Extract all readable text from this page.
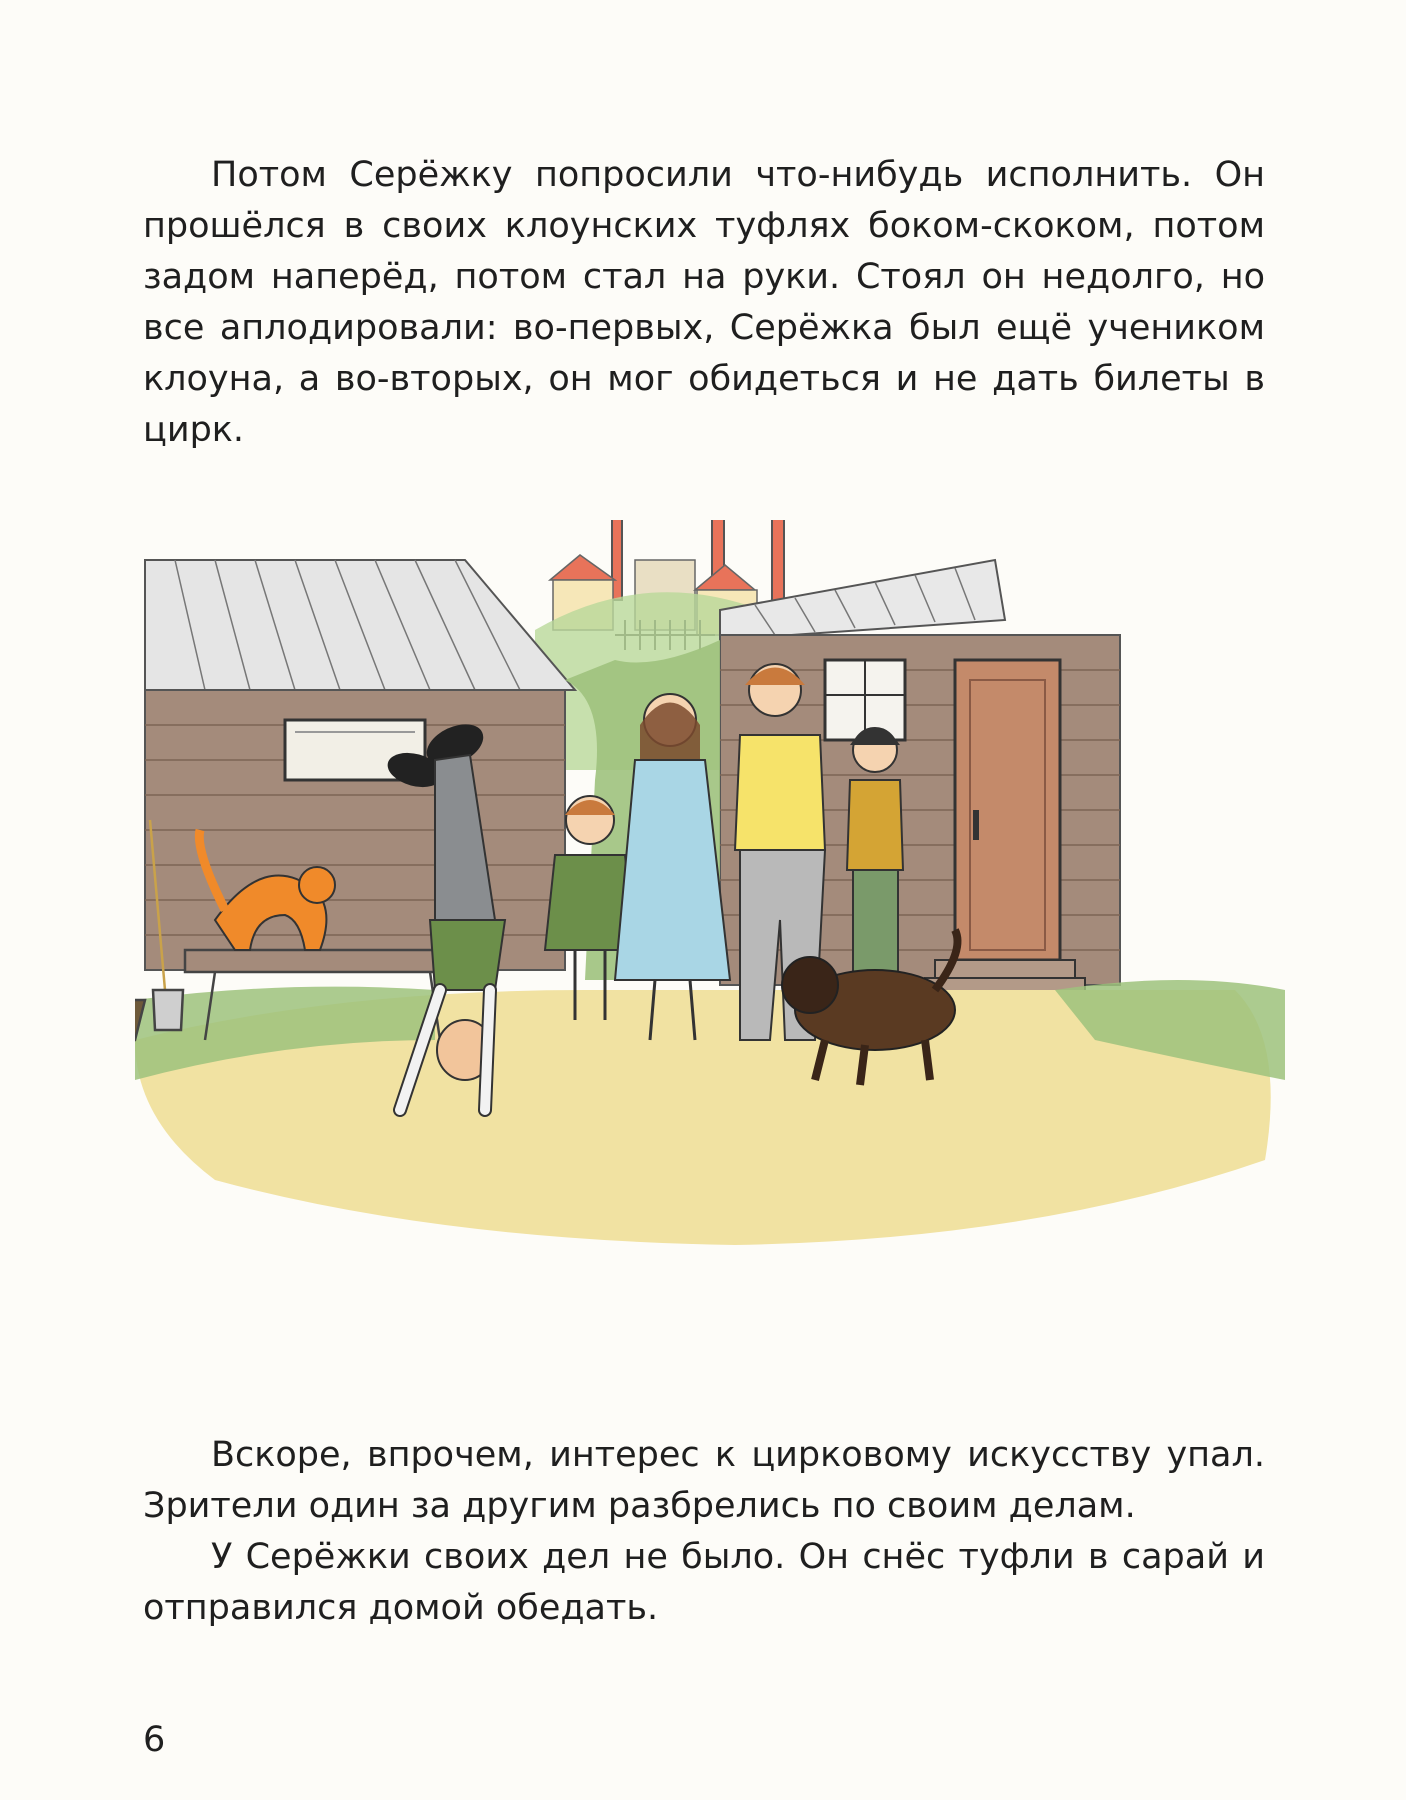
Потом Серёжку попросили что-нибудь исполнить. Он прошёлся в своих клоунских туфлях боком-скоком, потом задом наперёд, потом стал на руки. Стоял он недолго, но все аплодировали: во-первых, Серёжка был ещё учеником клоуна, а во-вторых, он мог обидеться и не дать билеты в цирк.

Вскоре, впрочем, интерес к цирковому искусству упал. Зрители один за другим разбрелись по своим делам.

У Серёжки своих дел не было. Он снёс туфли в сарай и отправился домой обедать.

6
